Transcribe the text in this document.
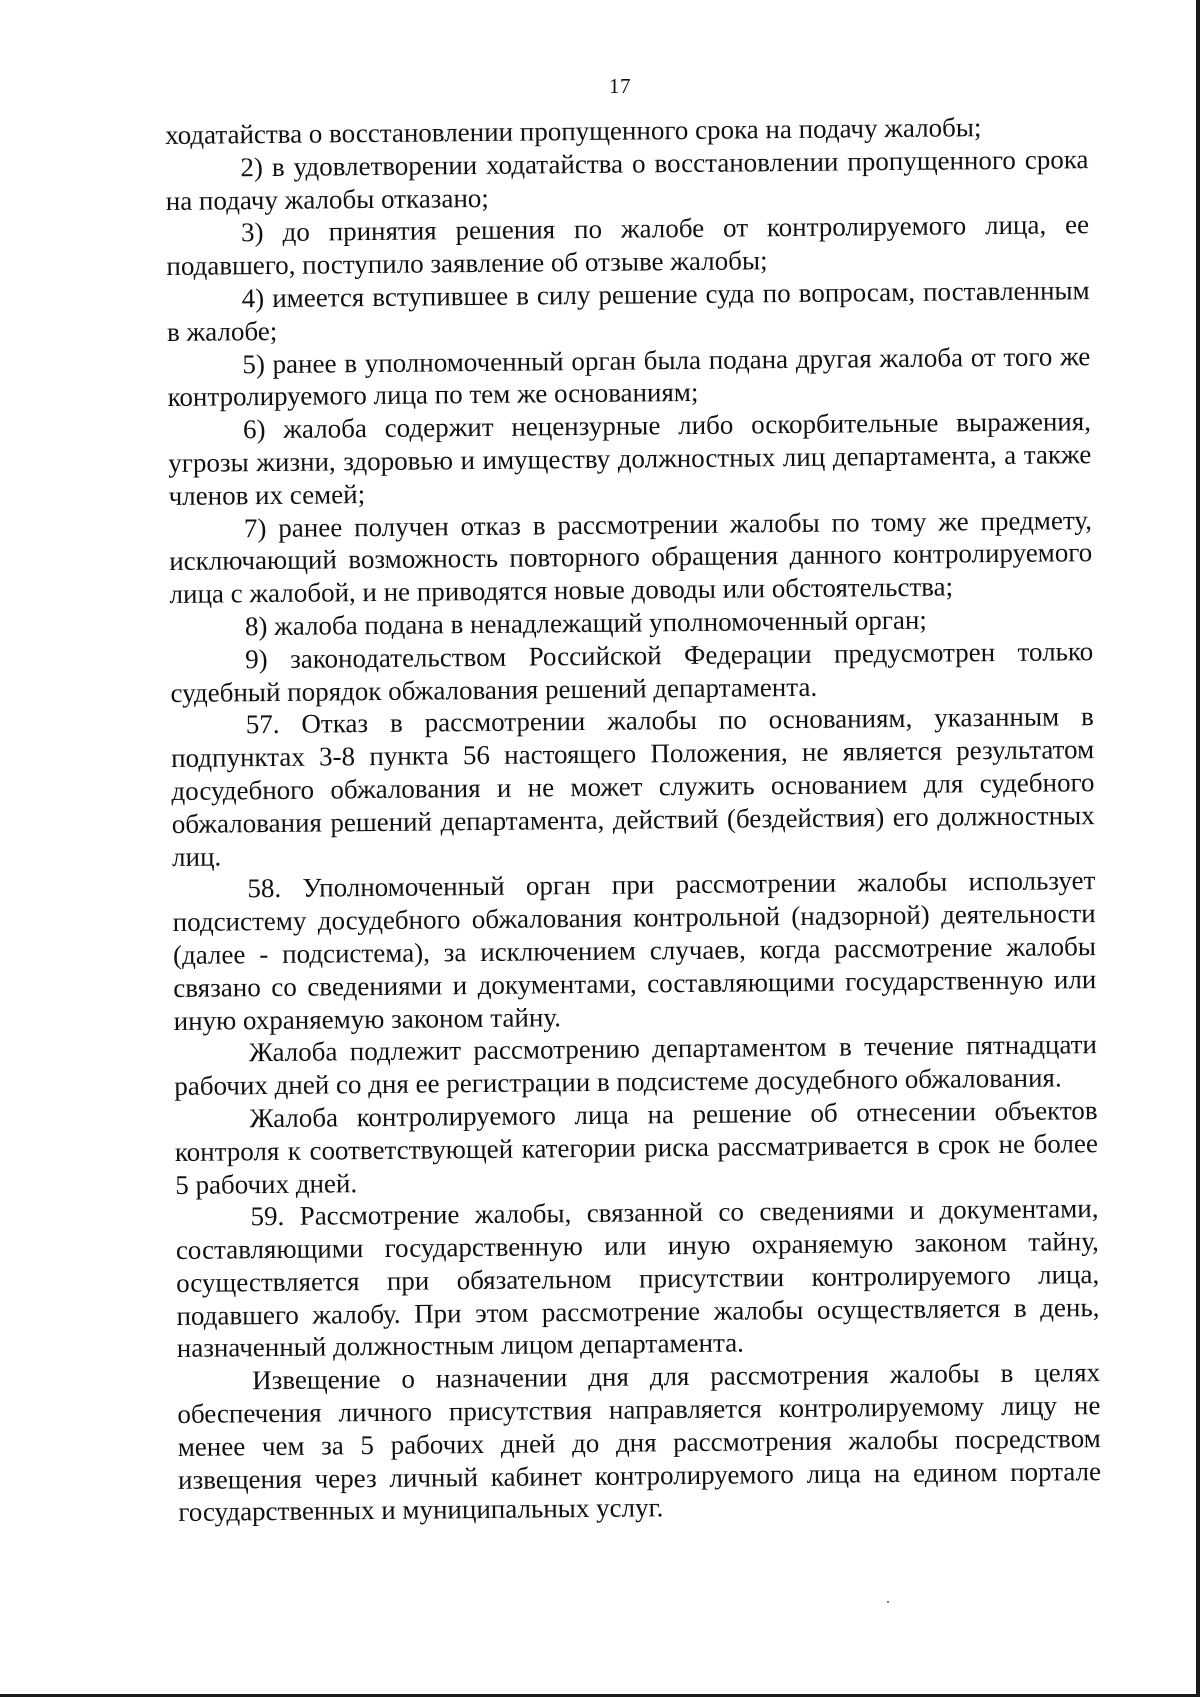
17

ходатайства о восстановлении пропущенного срока на подачу жалобы;

2) в удовлетворении ходатайства о восстановлении пропущенного срока на подачу жалобы отказано;

3) до принятия решения по жалобе от контролируемого лица, ее подавшего, поступило заявление об отзыве жалобы;

4) имеется вступившее в силу решение суда по вопросам, поставленным в жалобе;

5) ранее в уполномоченный орган была подана другая жалоба от того же контролируемого лица по тем же основаниям;

6) жалоба содержит нецензурные либо оскорбительные выражения, угрозы жизни, здоровью и имуществу должностных лиц департамента, а также членов их семей;

7) ранее получен отказ в рассмотрении жалобы по тому же предмету, исключающий возможность повторного обращения данного контролируемого лица с жалобой, и не приводятся новые доводы или обстоятельства;

8) жалоба подана в ненадлежащий уполномоченный орган;

9) законодательством Российской Федерации предусмотрен только судебный порядок обжалования решений департамента.

57. Отказ в рассмотрении жалобы по основаниям, указанным в подпунктах 3-8 пункта 56 настоящего Положения, не является результатом досудебного обжалования и не может служить основанием для судебного обжалования решений департамента, действий (бездействия) его должностных лиц.

58. Уполномоченный орган при рассмотрении жалобы использует подсистему досудебного обжалования контрольной (надзорной) деятельности (далее - подсистема), за исключением случаев, когда рассмотрение жалобы связано со сведениями и документами, составляющими государственную или иную охраняемую законом тайну.

Жалоба подлежит рассмотрению департаментом в течение пятнадцати рабочих дней со дня ее регистрации в подсистеме досудебного обжалования.

Жалоба контролируемого лица на решение об отнесении объектов контроля к соответствующей категории риска рассматривается в срок не более 5 рабочих дней.

59. Рассмотрение жалобы, связанной со сведениями и документами, составляющими государственную или иную охраняемую законом тайну, осуществляется при обязательном присутствии контролируемого лица, подавшего жалобу. При этом рассмотрение жалобы осуществляется в день, назначенный должностным лицом департамента.

Извещение о назначении дня для рассмотрения жалобы в целях обеспечения личного присутствия направляется контролируемому лицу не менее чем за 5 рабочих дней до дня рассмотрения жалобы посредством извещения через личный кабинет контролируемого лица на едином портале государственных и муниципальных услуг.
